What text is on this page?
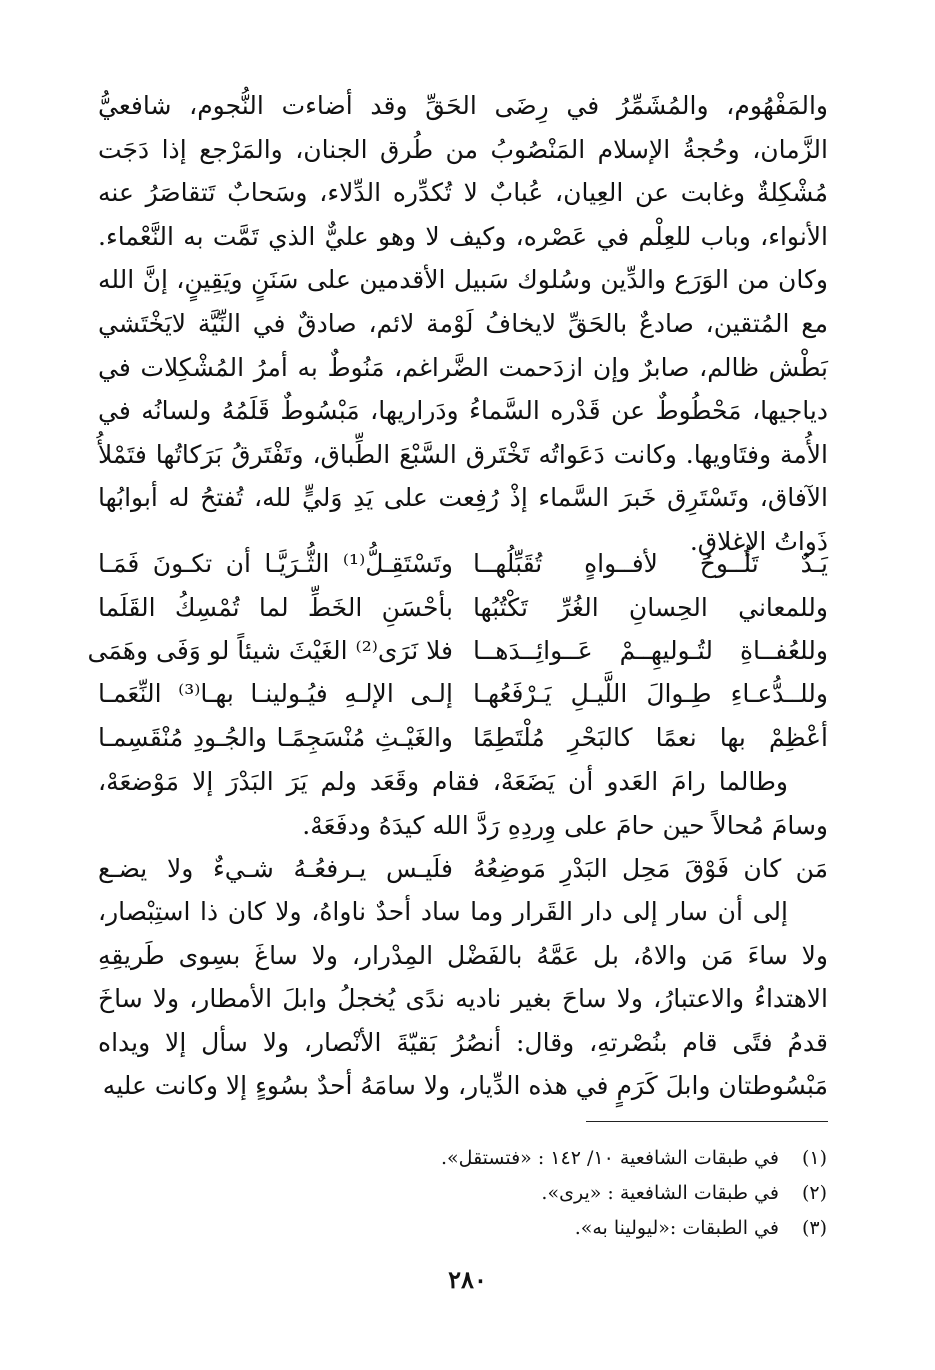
والمَفْهُوم، والمُشَمِّرُ في رِضَى الحَقِّ وقد أضاءت النُّجوم، شافعيُّ الزَّمان، وحُجةُ الإسلام المَنْصُوبُ من طُرق الجنان، والمَرْجع إذا دَجَت مُشْكِلةٌ وغابت عن العِيان، عُبابٌ لا تُكدِّره الدِّلاء، وسَحابٌ تَتقاصَرُ عنه الأنواء، وباب للعِلْم في عَصْره، وكيف لا وهو عليٌّ الذي تَمَّت به النَّعْماء. وكان من الوَرَع والدِّين وسُلوك سَبيل الأقدمين على سَنَنٍ ويَقِينٍ، إنَّ الله مع المُتقين، صادعٌ بالحَقِّ لايخافُ لَوْمة لائم، صادقٌ في النِّيَّة لايَخْتَشي بَطْش ظالم، صابرٌ وإن ازدَحمت الضَّراغم، مَنُوطٌ به أمرُ المُشْكِلات في دياجيها، مَحْطُوطٌ عن قَدْره السَّماءُ ودَراريها، مَبْسُوطٌ قَلَمُهُ ولسانُه في الأُمة وفتَاويها. وكانت دَعَواتُه تَخْتَرق السَّبْعَ الطِّباق، وتَفْتَرقُ بَرَكاتُها فتَمْلأُ الآفاق، وتَسْتَرِق خَبرَ السَّماء إذْ رُفِعت على يَدِ وَليٍّ لله، تُفتحُ له أبوابُها ذَواتُ الإغلاقِ.

يَـدٌ تَلُــوحُ لأفــواهٍ تُقَبِّلُهــا
وتَسْتَقِـلُّ⁽¹⁾ الثُّـرَيَّـا أن تكـونَ فَمَـا
وللمعاني الحِسانِ الغُرِّ تَكْتُبُها
بأحْسَنِ الخَطِّ لما تُمْسِكُ القَلَما
وللعُفــاةِ لتُـوليهِــمْ عَــوائِــدَهــا
فلا نَرَى⁽²⁾ الغَيْثَ شيئاً لو وَفَى وهَمَى
وللــدُّعـاءِ طِـوالَ اللَّيـلِ يَـرْفَعُهـا
إلـى الإلـهِ فيُـولينـا بهـا⁽³⁾ النِّعَمـا
أعْظِمْ بها نعمًا كالبَحْرِ مُلْتَطِمًا
والغَيْـثِ مُنْسَجِمًـا والجُـودِ مُنْقَسِمـا

وطالما رامَ العَدو أن يَضَعَهْ، فقام وقَعَد ولم يَرَ البَدْرَ إلا مَوْضعَهْ، وسامَ مُحالاً حين حامَ على وِردِهِ رَدَّ الله كيدَهُ ودفَعَهْ.

مَن كان فَوْقَ مَحِل البَدْرِ مَوضِعُهُ
فلَيـس يـرفعُـهُ شـيءٌ ولا يضـع

إلى أن سار إلى دار القَرار وما ساد أحدٌ ناواهُ، ولا كان ذا استِبْصار، ولا ساءَ مَن والاهُ، بل عَمَّهُ بالفَضْل المِدْرار، ولا ساغَ بسِوى طَريقِهِ الاهتداءُ والاعتبارُ، ولا ساحَ بغير ناديه ندًى يُخجلُ وابلَ الأمطار، ولا ساخَ قدمُ فتًى قام بنُصْرتهِ، وقال: أنصُرُ بَقيّةَ الأنْصار، ولا سأل إلا ويداه مَبْسُوطتان وابلَ كَرَمٍ في هذه الدِّيار، ولا سامَهُ أحدٌ بسُوءٍ إلا وكانت عليه

(١) في طبقات الشافعية ١٠/ ١٤٢ : «فتستقل».
(٢) في طبقات الشافعية : «يرى».
(٣) في الطبقات :«ليولينا به».
٢٨٠
